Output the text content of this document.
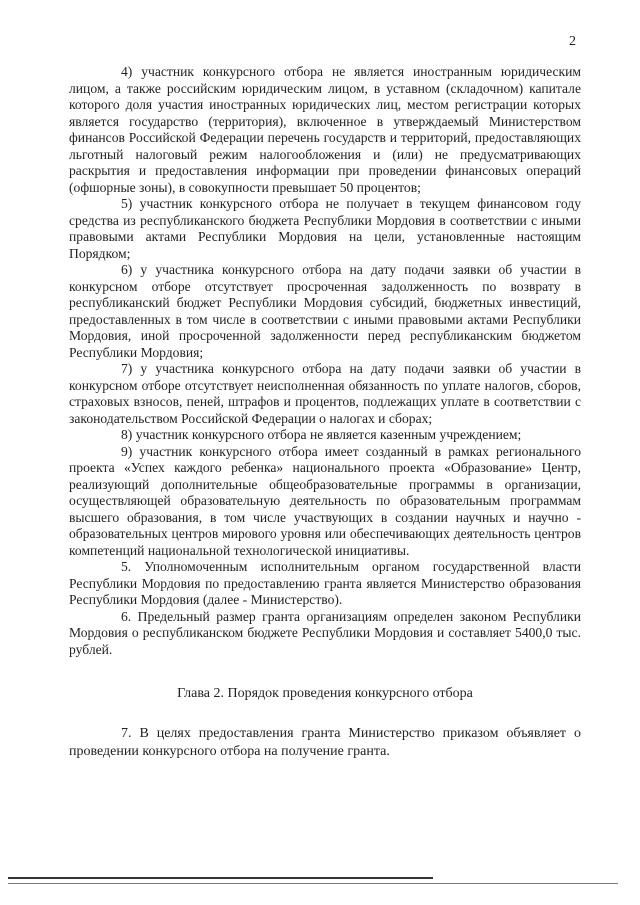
2

4) участник конкурсного отбора не является иностранным юридическим лицом, а также российским юридическим лицом, в уставном (складочном) капитале которого доля участия иностранных юридических лиц, местом регистрации которых является государство (территория), включенное в утверждаемый Министерством финансов Российской Федерации перечень государств и территорий, предоставляющих льготный налоговый режим налогообложения и (или) не предусматривающих раскрытия и предоставления информации при проведении финансовых операций (офшорные зоны), в совокупности превышает 50 процентов;

5) участник конкурсного отбора не получает в текущем финансовом году средства из республиканского бюджета Республики Мордовия в соответствии с иными правовыми актами Республики Мордовия на цели, установленные настоящим Порядком;

6) у участника конкурсного отбора на дату подачи заявки об участии в конкурсном отборе отсутствует просроченная задолженность по возврату в республиканский бюджет Республики Мордовия субсидий, бюджетных инвестиций, предоставленных в том числе в соответствии с иными правовыми актами Республики Мордовия, иной просроченной задолженности перед республиканским бюджетом Республики Мордовия;

7) у участника конкурсного отбора на дату подачи заявки об участии в конкурсном отборе отсутствует неисполненная обязанность по уплате налогов, сборов, страховых взносов, пеней, штрафов и процентов, подлежащих уплате в соответствии с законодательством Российской Федерации о налогах и сборах;

8) участник конкурсного отбора не является казенным учреждением;

9) участник конкурсного отбора имеет созданный в рамках регионального проекта «Успех каждого ребенка» национального проекта «Образование» Центр, реализующий дополнительные общеобразовательные программы в организации, осуществляющей образовательную деятельность по образовательным программам высшего образования, в том числе участвующих в создании научных и научно - образовательных центров мирового уровня или обеспечивающих деятельность центров компетенций национальной технологической инициативы.

5. Уполномоченным исполнительным органом государственной власти Республики Мордовия по предоставлению гранта является Министерство образования Республики Мордовия (далее - Министерство).

6. Предельный размер гранта организациям определен законом Республики Мордовия о республиканском бюджете Республики Мордовия и составляет 5400,0 тыс. рублей.

Глава 2. Порядок проведения конкурсного отбора

7. В целях предоставления гранта Министерство приказом объявляет о проведении конкурсного отбора на получение гранта.
